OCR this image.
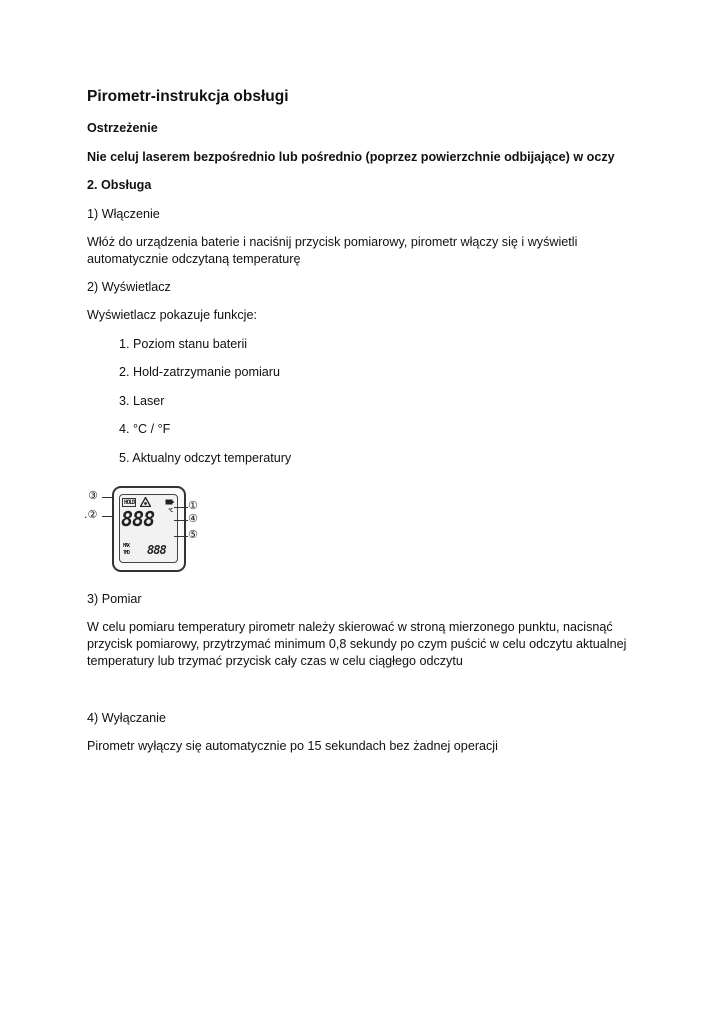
Pirometr-instrukcja obsługi
Ostrzeżenie
Nie celuj laserem bezpośrednio lub pośrednio (poprzez powierzchnie odbijające) w oczy
2. Obsługa
1) Włączenie
Włóż do urządzenia baterie i naciśnij przycisk pomiarowy, pirometr włączy się i wyświetli automatycznie odczytaną temperaturę
2) Wyświetlacz
Wyświetlacz pokazuje funkcje:
1. Poziom stanu baterii
2. Hold-zatrzymanie pomiaru
3. Laser
4. °C / °F
5. Aktualny odczyt temperatury
③
.②
HOLD
888	°C
MAX
TMD 888
①
④
⑤
3) Pomiar
W celu pomiaru temperatury pirometr należy skierować w stroną mierzonego punktu, nacisnąć przycisk pomiarowy, przytrzymać minimum 0,8 sekundy po czym puścić w celu odczytu aktualnej temperatury lub trzymać przycisk cały czas w celu ciągłego odczytu
4) Wyłączanie
Pirometr wyłączy się automatycznie po 15 sekundach bez żadnej operacji
